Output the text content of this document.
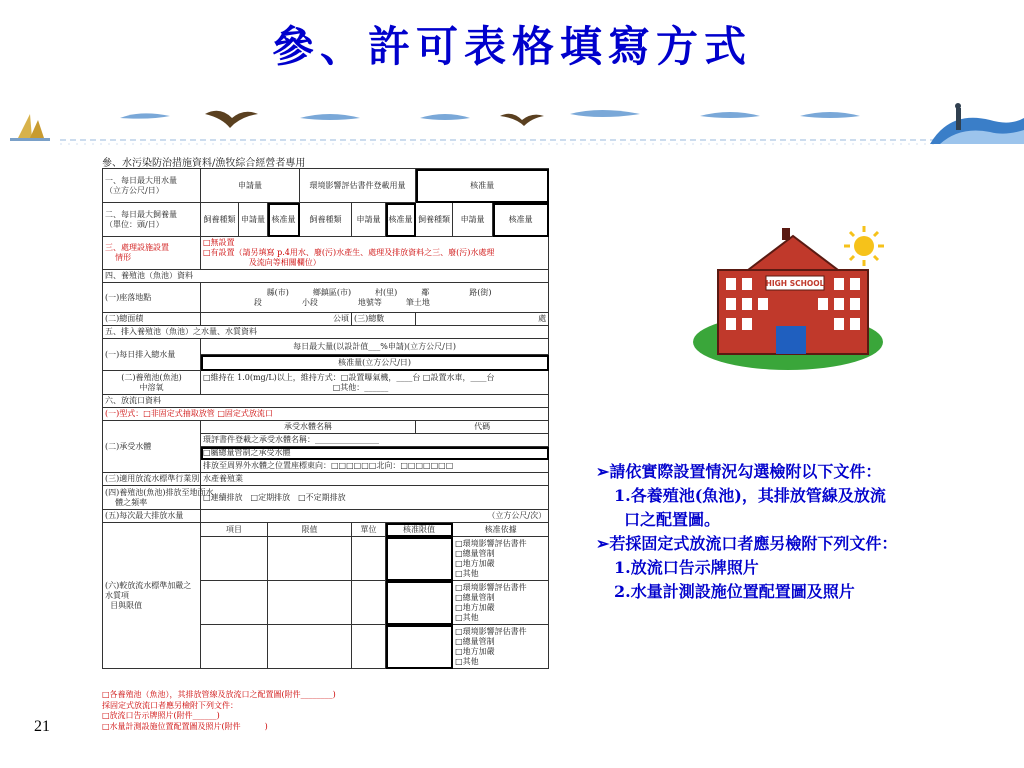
參、許可表格填寫方式
參、水污染防治措施資料/漁牧綜合經營者專用
一、每日最大用水量
（立方公尺/日）	申請量			環境影響評估書件登載用量			核准量		
二、每日最大飼養量
（單位：頭/日）	飼養種類	申請量	核准量	飼養種類	申請量	核准量	飼養種類	申請量	核准量
三、處理設施設置
情形	□無設置
□有設置（請另填寫 p.4用水、廢(污)水產生、處理及排放資料之三、廢(污)水處理
及流向等相關欄位）								
四、養殖池（魚池）資料									
(一)座落地點	縣(市)　　　鄉鎮區(市)　　　村(里)　　　鄰　　　　　路(街)
段　　　　　小段　　　　　地號等　　　筆土地								
(二)總面積	公頃				(三)總數		處		
五、排入養殖池（魚池）之水量、水質資料									
(一)每日排入總水量	每日最大量(以設計值___%申請)(立方公尺/日)								
	核准量(立方公尺/日)								
(二)養殖池(魚池)
中溶氧	□維持在 1.0(mg/L)以上，維持方式：□設置曝氣機，____台 □設置水車，____台
□其他：______								
六、放流口資料									
(一)型式：□非固定式抽取放管 □固定式放流口									
(二)承受水體	承受水體名稱						代碼		
	環評書件登載之承受水體名稱：________________								
	□屬總量管制之承受水體								
	排放至周界外水體之位置座標東向：□□□□□□北向：□□□□□□□								
(三)適用放流水標準行業別	水產養殖業								
(四)養殖池(魚池)排放至地面水
體之頻率	□連續排放　□定期排放　□不定期排放								
(五)每次最大排放水量	（立方公尺/次）								
(六)較放流水標準加嚴之水質項
目與限值	項目		限值		單位	核准限值		核准依據	
								□環境影響評估書件
□總量管制
□地方加嚴
□其他	
								□環境影響評估書件
□總量管制
□地方加嚴
□其他	
								□環境影響評估書件
□總量管制
□地方加嚴
□其他	
□各養殖池（魚池），其排放管線及放流口之配置圖(附件________)
採固定式放流口者應另檢附下列文件：
□放流口告示牌照片(附件______)
□水量計測設施位置配置圖及照片(附件　　　)
21
HIGH SCHOOL
➢請依實際設置情況勾選檢附以下文件：
1.各養殖池(魚池)，其排放管線及放流
口之配置圖。
➢若採固定式放流口者應另檢附下列文件：
1.放流口告示牌照片
2.水量計測設施位置配置圖及照片
